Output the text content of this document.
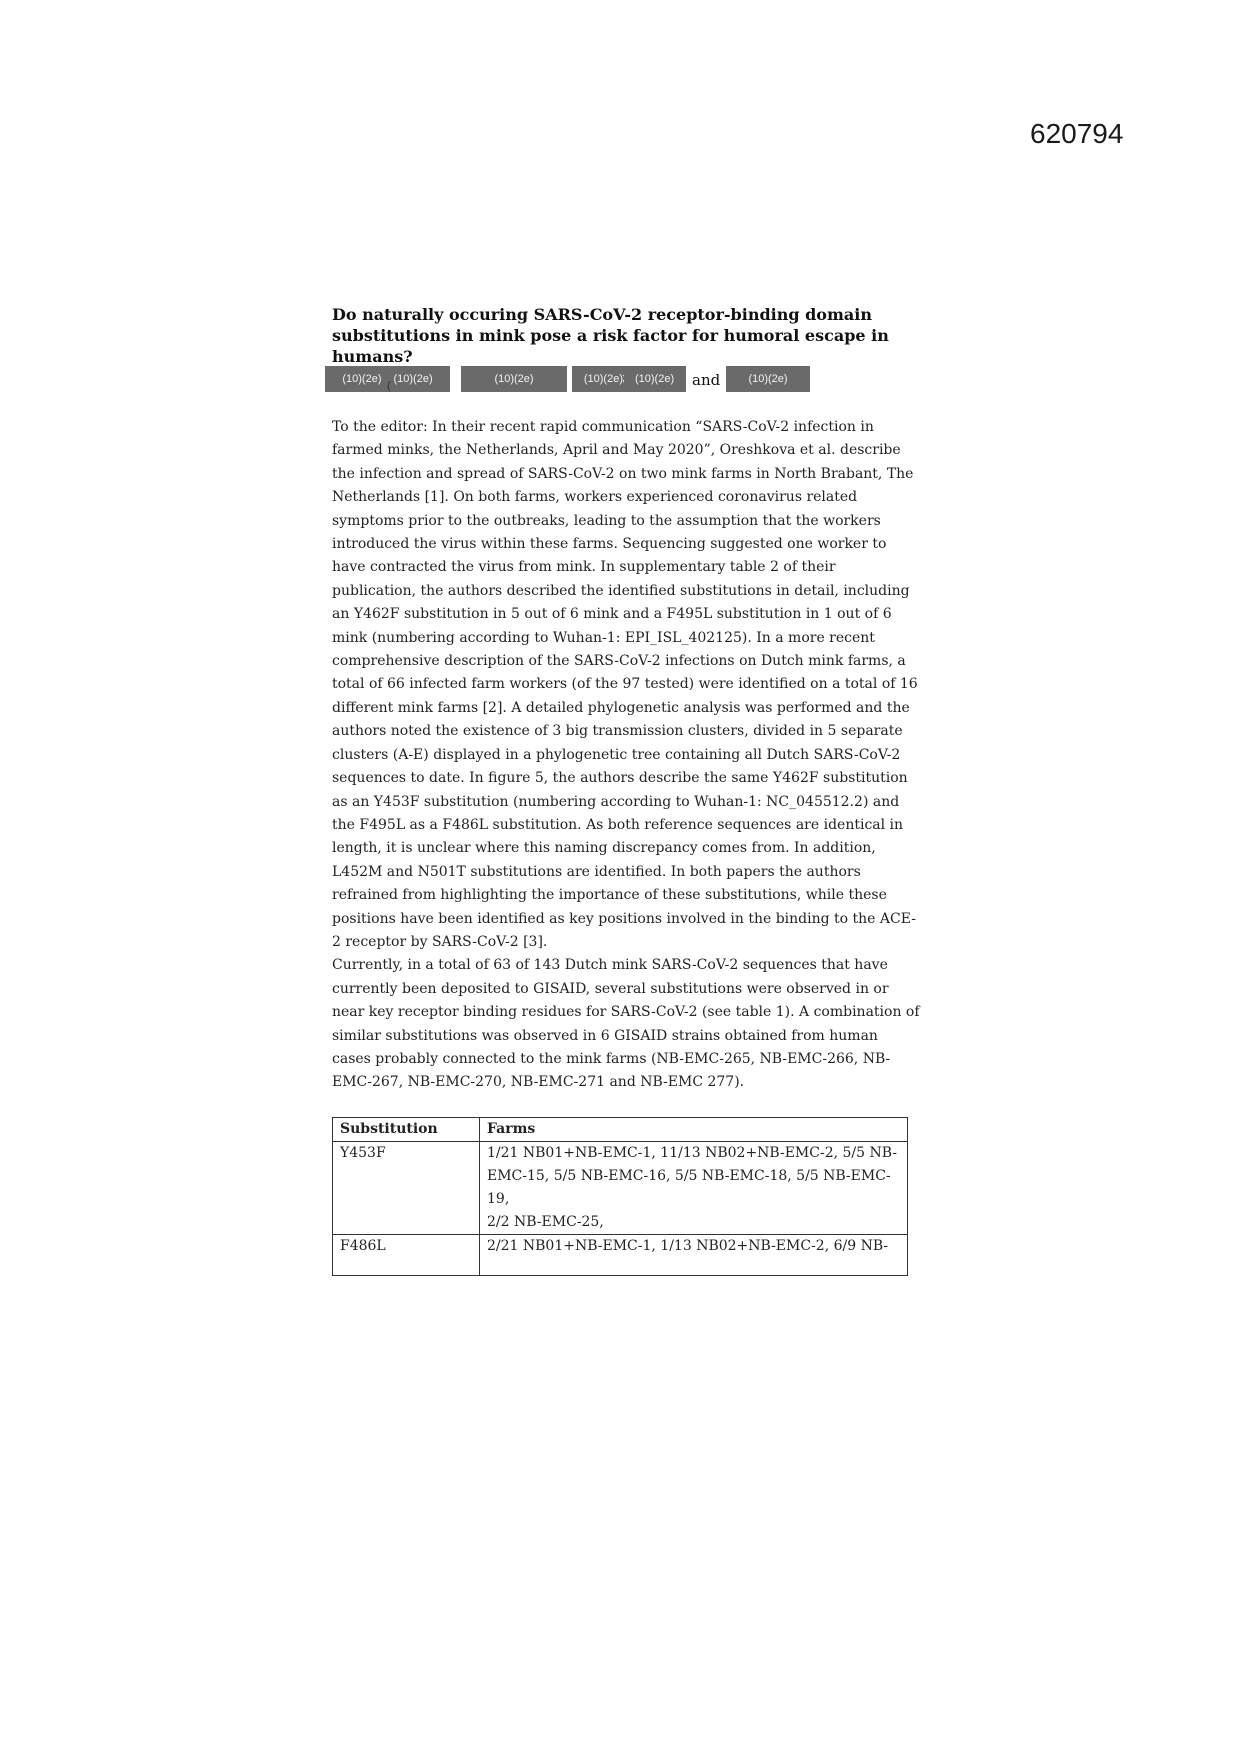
620794
Do naturally occuring SARS-CoV-2 receptor-binding domain substitutions in mink pose a risk factor for humoral escape in humans?
(10)(2e) (10)(2e)
(
(10)(2e)	(10)(2e) (10)(2e)
;	and	(10)(2e)

To the editor: In their recent rapid communication “SARS-CoV-2 infection in farmed minks, the Netherlands, April and May 2020”, Oreshkova et al. describe the infection and spread of SARS-CoV-2 on two mink farms in North Brabant, The Netherlands [1]. On both farms, workers experienced coronavirus related symptoms prior to the outbreaks, leading to the assumption that the workers introduced the virus within these farms. Sequencing suggested one worker to have contracted the virus from mink. In supplementary table 2 of their publication, the authors described the identified substitutions in detail, including an Y462F substitution in 5 out of 6 mink and a F495L substitution in 1 out of 6 mink (numbering according to Wuhan-1: EPI_ISL_402125). In a more recent comprehensive description of the SARS-CoV-2 infections on Dutch mink farms, a total of 66 infected farm workers (of the 97 tested) were identified on a total of 16 different mink farms [2]. A detailed phylogenetic analysis was performed and the authors noted the existence of 3 big transmission clusters, divided in 5 separate clusters (A-E) displayed in a phylogenetic tree containing all Dutch SARS-CoV-2 sequences to date. In figure 5, the authors describe the same Y462F substitution as an Y453F substitution (numbering according to Wuhan-1: NC_045512.2) and the F495L as a F486L substitution. As both reference sequences are identical in length, it is unclear where this naming discrepancy comes from. In addition, L452M and N501T substitutions are identified. In both papers the authors refrained from highlighting the importance of these substitutions, while these positions have been identified as key positions involved in the binding to the ACE-2 receptor by SARS-CoV-2 [3].

Currently, in a total of 63 of 143 Dutch mink SARS-CoV-2 sequences that have currently been deposited to GISAID, several substitutions were observed in or near key receptor binding residues for SARS-CoV-2 (see table 1). A combination of similar substitutions was observed in 6 GISAID strains obtained from human cases probably connected to the mink farms (NB-EMC-265, NB-EMC-266, NB-EMC-267, NB-EMC-270, NB-EMC-271 and NB-EMC 277).

Substitution	Farms
Y453F	1/21 NB01+NB-EMC-1, 11/13 NB02+NB-EMC-2, 5/5 NB-EMC-15, 5/5 NB-EMC-16, 5/5 NB-EMC-18, 5/5 NB-EMC-19,
2/2 NB-EMC-25,

F486L	2/21 NB01+NB-EMC-1, 1/13 NB02+NB-EMC-2, 6/9 NB-
